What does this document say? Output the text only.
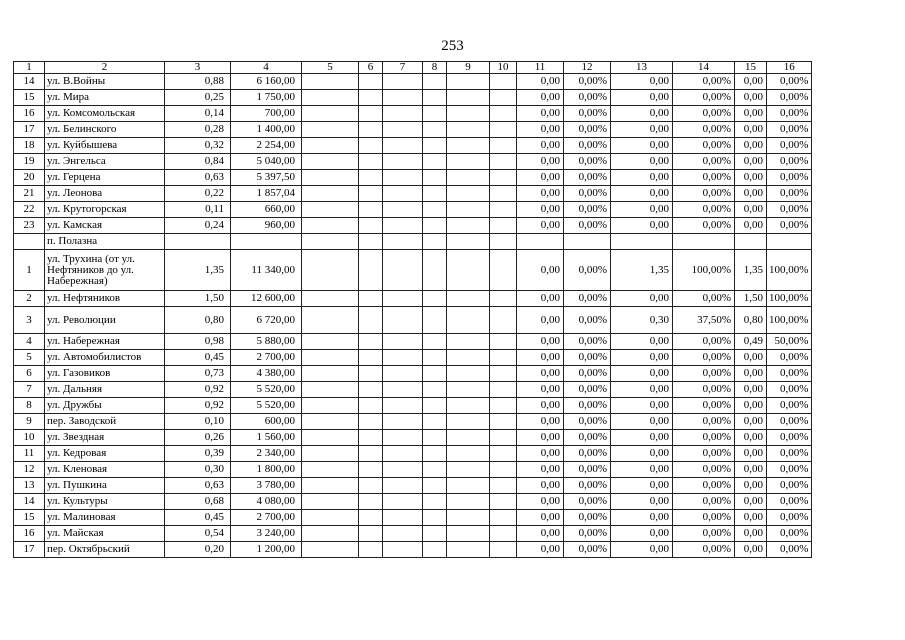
253
1	2	3	4	5	6	7	8	9	10	11	12	13	14	15	16
14	ул. В.Войны	0,88	6 160,00							0,00	0,00%	0,00	0,00%	0,00	0,00%
15	ул. Мира	0,25	1 750,00							0,00	0,00%	0,00	0,00%	0,00	0,00%
16	ул. Комсомольская	0,14	700,00							0,00	0,00%	0,00	0,00%	0,00	0,00%
17	ул. Белинского	0,28	1 400,00							0,00	0,00%	0,00	0,00%	0,00	0,00%
18	ул. Куйбышева	0,32	2 254,00							0,00	0,00%	0,00	0,00%	0,00	0,00%
19	ул. Энгельса	0,84	5 040,00							0,00	0,00%	0,00	0,00%	0,00	0,00%
20	ул. Герцена	0,63	5 397,50							0,00	0,00%	0,00	0,00%	0,00	0,00%
21	ул. Леонова	0,22	1 857,04							0,00	0,00%	0,00	0,00%	0,00	0,00%
22	ул. Крутогорская	0,11	660,00							0,00	0,00%	0,00	0,00%	0,00	0,00%
23	ул. Камская	0,24	960,00							0,00	0,00%	0,00	0,00%	0,00	0,00%
	п. Полазна														
1	ул. Трухина (от ул. Нефтяников до ул. Набережная)	1,35	11 340,00							0,00	0,00%	1,35	100,00%	1,35	100,00%
2	ул. Нефтяников	1,50	12 600,00							0,00	0,00%	0,00	0,00%	1,50	100,00%
3	ул. Революции	0,80	6 720,00							0,00	0,00%	0,30	37,50%	0,80	100,00%
4	ул. Набережная	0,98	5 880,00							0,00	0,00%	0,00	0,00%	0,49	50,00%
5	ул. Автомобилистов	0,45	2 700,00							0,00	0,00%	0,00	0,00%	0,00	0,00%
6	ул. Газовиков	0,73	4 380,00							0,00	0,00%	0,00	0,00%	0,00	0,00%
7	ул. Дальняя	0,92	5 520,00							0,00	0,00%	0,00	0,00%	0,00	0,00%
8	ул. Дружбы	0,92	5 520,00							0,00	0,00%	0,00	0,00%	0,00	0,00%
9	пер. Заводской	0,10	600,00							0,00	0,00%	0,00	0,00%	0,00	0,00%
10	ул. Звездная	0,26	1 560,00							0,00	0,00%	0,00	0,00%	0,00	0,00%
11	ул. Кедровая	0,39	2 340,00							0,00	0,00%	0,00	0,00%	0,00	0,00%
12	ул. Кленовая	0,30	1 800,00							0,00	0,00%	0,00	0,00%	0,00	0,00%
13	ул. Пушкина	0,63	3 780,00							0,00	0,00%	0,00	0,00%	0,00	0,00%
14	ул. Культуры	0,68	4 080,00							0,00	0,00%	0,00	0,00%	0,00	0,00%
15	ул. Малиновая	0,45	2 700,00							0,00	0,00%	0,00	0,00%	0,00	0,00%
16	ул. Майская	0,54	3 240,00							0,00	0,00%	0,00	0,00%	0,00	0,00%
17	пер. Октябрьский	0,20	1 200,00							0,00	0,00%	0,00	0,00%	0,00	0,00%
